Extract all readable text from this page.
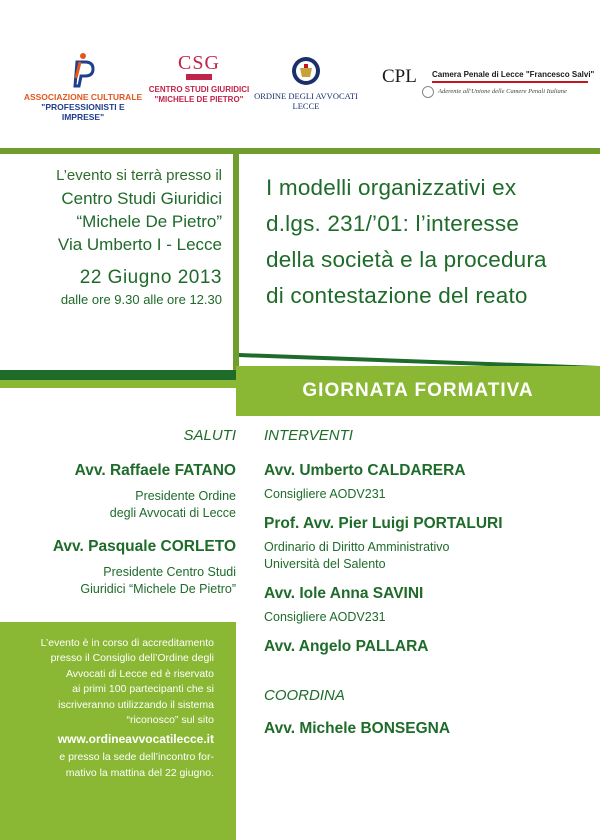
ASSOCIAZIONE CULTURALE
"PROFESSIONISTI E IMPRESE"
CSG
CENTRO STUDI GIURIDICI
"MICHELE DE PIETRO"	ORDINE DEGLI AVVOCATI
LECCE
CPL Camera Penale di Lecce "Francesco Salvi"
Aderente all'Unione delle Camere Penali Italiane
L’evento si terrà presso il
Centro Studi Giuridici
“Michele De Pietro”
Via Umberto I - Lecce
22 Giugno 2013
dalle ore 9.30 alle ore 12.30
I modelli organizzativi ex
d.lgs. 231/’01: l’interesse
della società e la procedura
di contestazione del reato
GIORNATA FORMATIVA
SALUTI
Avv. Raffaele FATANO
Presidente Ordine
degli Avvocati di Lecce
Avv. Pasquale CORLETO
Presidente Centro Studi
Giuridici “Michele De Pietro”
INTERVENTI
Avv. Umberto CALDARERA
Consigliere AODV231
Prof. Avv. Pier Luigi PORTALURI
Ordinario di Diritto Amministrativo
Università del Salento
Avv. Iole Anna SAVINI
Consigliere AODV231
Avv. Angelo PALLARA
COORDINA
Avv. Michele BONSEGNA
L’evento è in corso di accreditamento
presso il Consiglio dell’Ordine degli
Avvocati di Lecce ed è riservato
ai primi 100 partecipanti che si
iscriveranno utilizzando il sistema
“riconosco” sul sito
www.ordineavvocatilecce.it
e presso la sede dell’incontro for-
mativo la mattina del 22 giugno.
